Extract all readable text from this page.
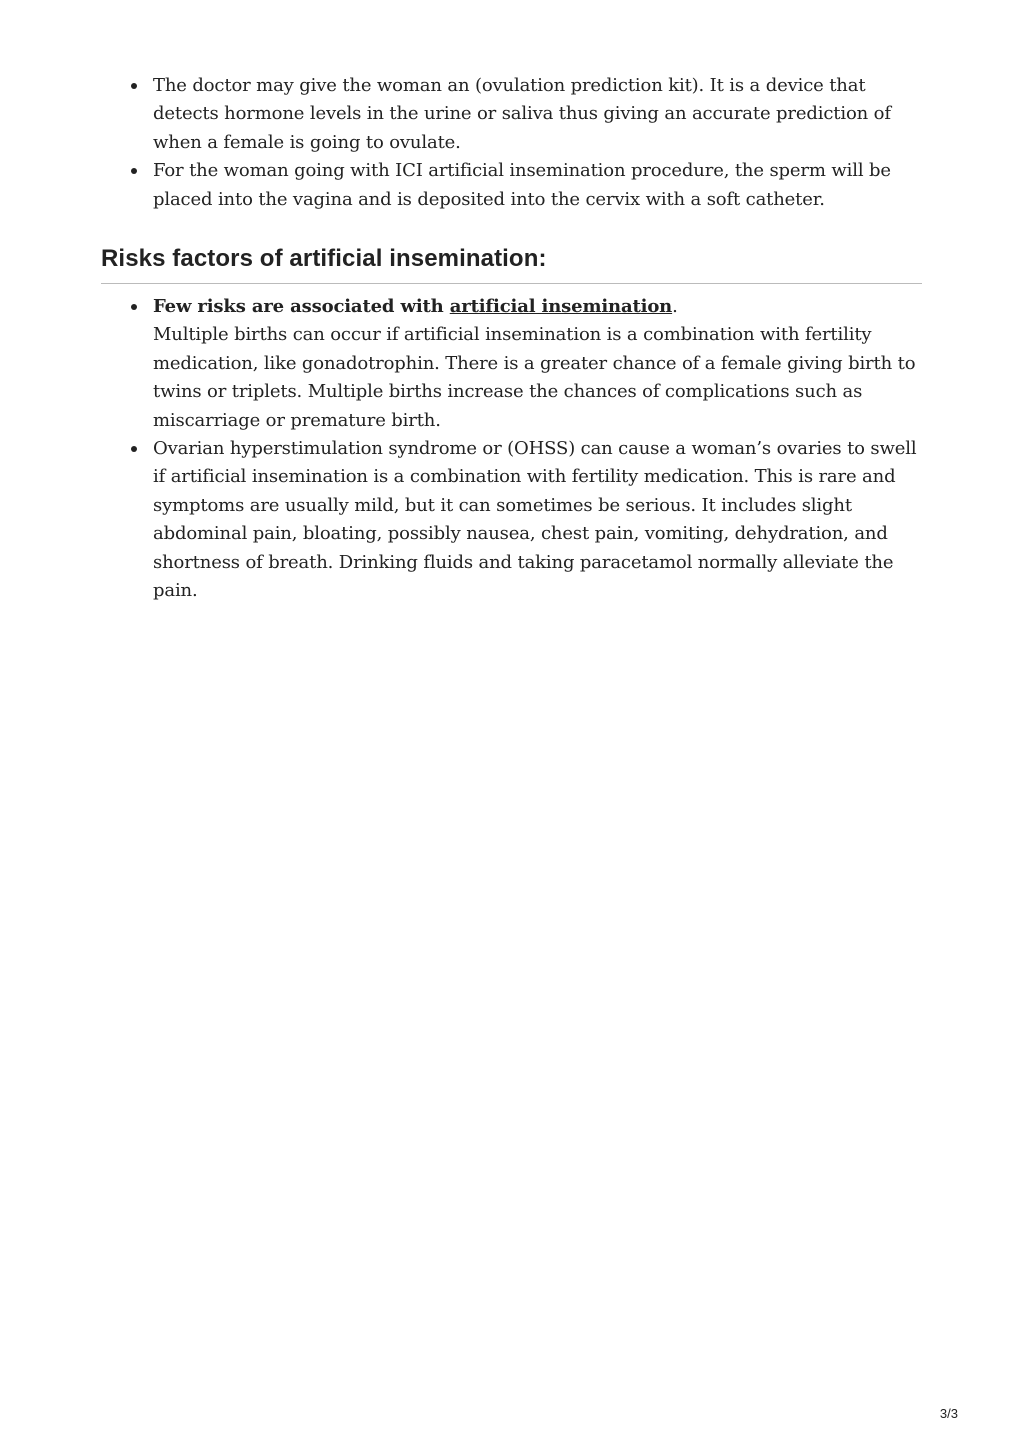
The doctor may give the woman an (ovulation prediction kit). It is a device that detects hormone levels in the urine or saliva thus giving an accurate prediction of when a female is going to ovulate.
For the woman going with ICI artificial insemination procedure, the sperm will be placed into the vagina and is deposited into the cervix with a soft catheter.
Risks factors of artificial insemination:
Few risks are associated with artificial insemination.
Multiple births can occur if artificial insemination is a combination with fertility medication, like gonadotrophin. There is a greater chance of a female giving birth to twins or triplets. Multiple births increase the chances of complications such as miscarriage or premature birth.
Ovarian hyperstimulation syndrome or (OHSS) can cause a woman’s ovaries to swell if artificial insemination is a combination with fertility medication. This is rare and symptoms are usually mild, but it can sometimes be serious. It includes slight abdominal pain, bloating, possibly nausea, chest pain, vomiting, dehydration, and shortness of breath. Drinking fluids and taking paracetamol normally alleviate the pain.
3/3
